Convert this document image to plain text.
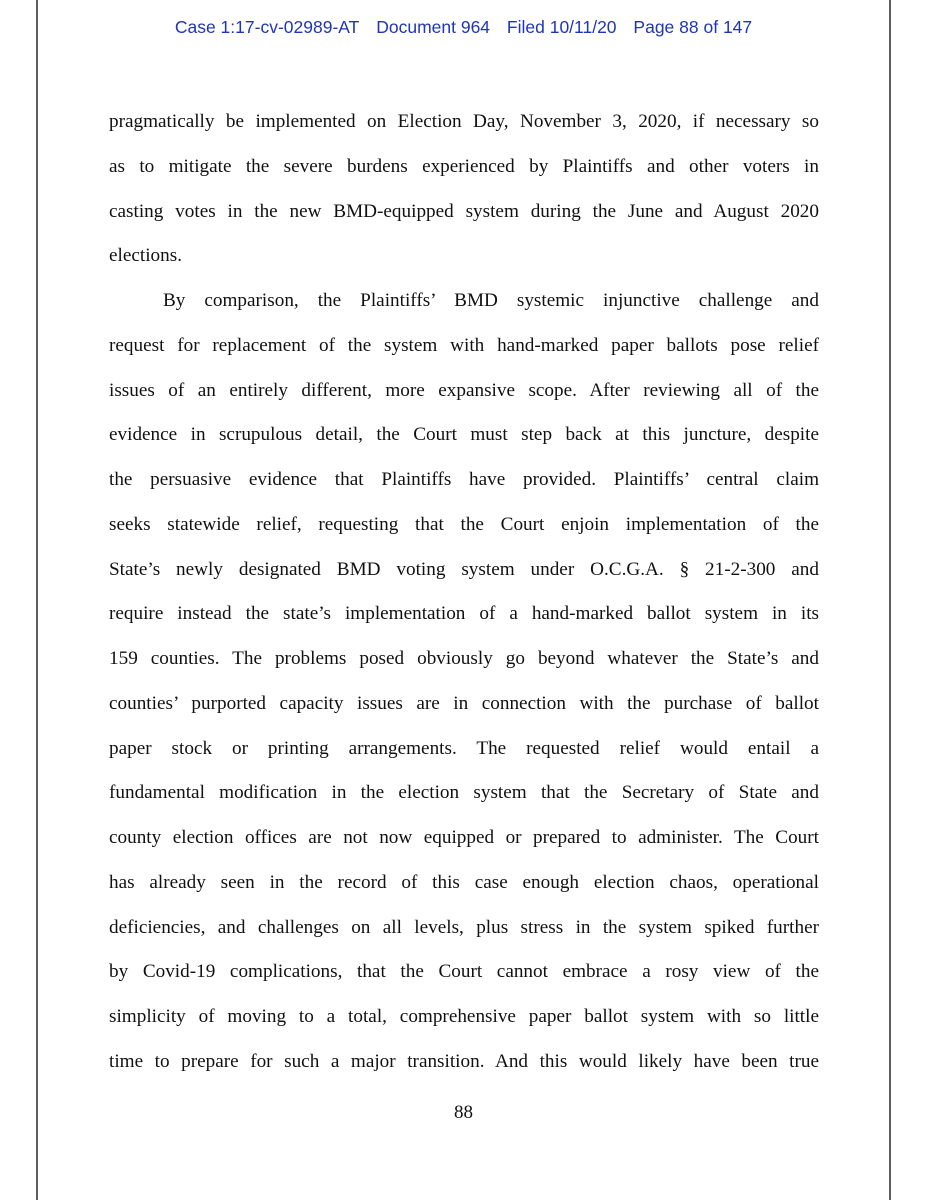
Case 1:17-cv-02989-AT Document 964 Filed 10/11/20 Page 88 of 147
pragmatically be implemented on Election Day, November 3, 2020, if necessary so
as to mitigate the severe burdens experienced by Plaintiffs and other voters in
casting votes in the new BMD-equipped system during the June and August 2020
elections.
By comparison, the Plaintiffs’ BMD systemic injunctive challenge and
request for replacement of the system with hand-marked paper ballots pose relief
issues of an entirely different, more expansive scope. After reviewing all of the
evidence in scrupulous detail, the Court must step back at this juncture, despite
the persuasive evidence that Plaintiffs have provided. Plaintiffs’ central claim
seeks statewide relief, requesting that the Court enjoin implementation of the
State’s newly designated BMD voting system under O.C.G.A. § 21-2-300 and
require instead the state’s implementation of a hand-marked ballot system in its
159 counties. The problems posed obviously go beyond whatever the State’s and
counties’ purported capacity issues are in connection with the purchase of ballot
paper stock or printing arrangements. The requested relief would entail a
fundamental modification in the election system that the Secretary of State and
county election offices are not now equipped or prepared to administer. The Court
has already seen in the record of this case enough election chaos, operational
deficiencies, and challenges on all levels, plus stress in the system spiked further
by Covid-19 complications, that the Court cannot embrace a rosy view of the
simplicity of moving to a total, comprehensive paper ballot system with so little
time to prepare for such a major transition. And this would likely have been true
88
